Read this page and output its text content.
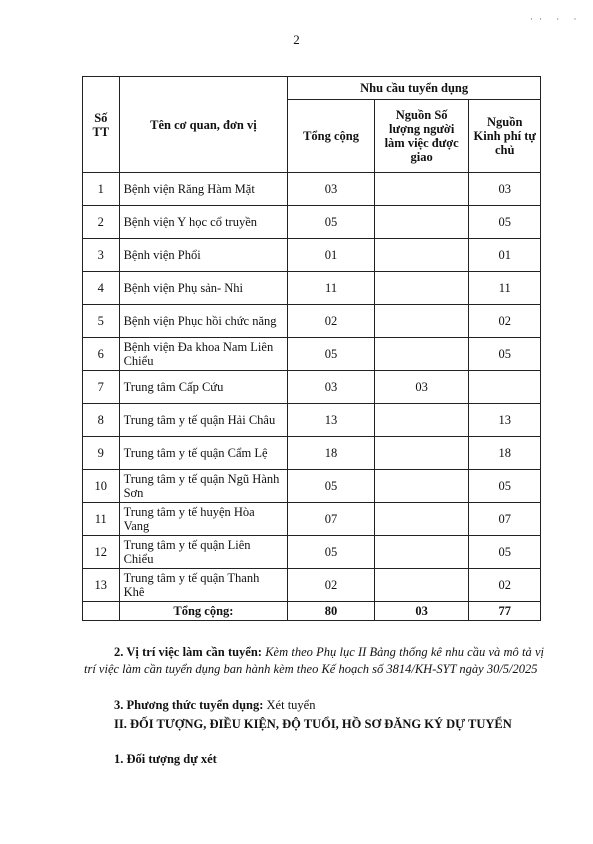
2
·· · ·
Số TT	Tên cơ quan, đơn vị	Nhu cầu tuyển dụng		
		Tổng cộng	Nguồn Số lượng người làm việc được giao	Nguồn Kinh phí tự chủ
1	Bệnh viện Răng Hàm Mặt	03		03
2	Bệnh viện Y học cổ truyền	05		05
3	Bệnh viện Phổi	01		01
4	Bệnh viện Phụ sản- Nhi	11		11
5	Bệnh viện Phục hồi chức năng	02		02
6	Bệnh viện Đa khoa Nam Liên Chiểu	05		05
7	Trung tâm Cấp Cứu	03	03	
8	Trung tâm y tế quận Hải Châu	13		13
9	Trung tâm y tế quận Cẩm Lệ	18		18
10	Trung tâm y tế quận Ngũ Hành Sơn	05		05
11	Trung tâm y tế huyện Hòa Vang	07		07
12	Trung tâm y tế quận Liên Chiểu	05		05
13	Trung tâm y tế quận Thanh Khê	02		02
	Tổng cộng:	80	03	77
2. Vị trí việc làm cần tuyển: Kèm theo Phụ lục II Bảng thống kê nhu cầu và mô tả vị trí việc làm cần tuyển dụng ban hành kèm theo Kế hoạch số 3814/KH-SYT ngày 30/5/2025
3. Phương thức tuyển dụng: Xét tuyển
II. ĐỐI TƯỢNG, ĐIỀU KIỆN, ĐỘ TUỔI, HỒ SƠ ĐĂNG KÝ DỰ TUYỂN
1. Đối tượng dự xét
